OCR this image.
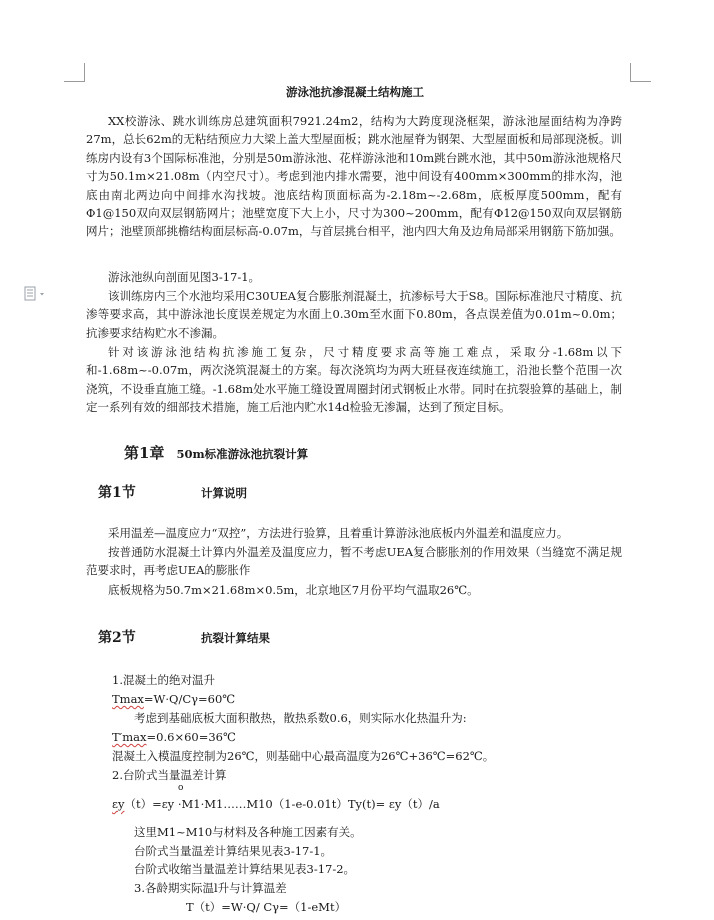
游泳池抗渗混凝土结构施工
XX校游泳、跳水训练房总建筑面积7921.24m2，结构为大跨度现浇框架，游泳池屋面结构为净跨27m，总长62m的无粘结预应力大梁上盖大型屋面板；跳水池屋脊为钢架、大型屋面板和局部现浇板。训练房内设有3个国际标准池，分别是50m游泳池、花样游泳池和10m跳台跳水池，其中50m游泳池规格尺寸为50.1m×21.08m（内空尺寸）。考虑到池内排水需要，池中间设有400mm×300mm的排水沟，池底由南北两边向中间排水沟找坡。池底结构顶面标高为-2.18m~-2.68m，底板厚度500mm，配有Φ1@150双向双层钢筋网片；池壁宽度下大上小，尺寸为300~200mm，配有Φ12@150双向双层钢筋网片；池壁顶部挑檐结构面层标高-0.07m，与首层挑台相平，池内四大角及边角局部采用钢筋下筋加强。
游泳池纵向剖面见图3-17-1。
该训练房内三个水池均采用C30UEA复合膨胀剂混凝土，抗渗标号大于S8。国际标准池尺寸精度、抗渗等要求高，其中游泳池长度误差规定为水面上0.30m至水面下0.80m，各点误差值为0.01m~0.0m；抗渗要求结构贮水不渗漏。
针对该游泳池结构抗渗施工复杂，尺寸精度要求高等施工难点，采取分-1.68m以下和-1.68m~-0.07m，两次浇筑混凝土的方案。每次浇筑均为两大班昼夜连续施工，沿池长整个范围一次浇筑，不设垂直施工缝。-1.68m处水平施工缝设置周圈封闭式钢板止水带。同时在抗裂验算的基础上，制定一系列有效的细部技术措施，施工后池内贮水14d检验无渗漏，达到了预定目标。
第1章 50m标准游泳池抗裂计算
第1节	计算说明
采用温差—温度应力“双控”，方法进行验算，且着重计算游泳池底板内外温差和温度应力。
按普通防水混凝土计算内外温差及温度应力，暂不考虑UEA复合膨胀剂的作用效果（当缝宽不满足规范要求时，再考虑UEA的膨胀作
底板规格为50.7m×21.68m×0.5m，北京地区7月份平均气温取26℃。
第2节	抗裂计算结果
1.混凝土的绝对温升
Tmax=W·Q/Cγ=60℃
考虑到基础底板大面积散热，散热系数0.6，则实际水化热温升为:
T′max=0.6×60=36℃
混凝土入模温度控制为26℃，则基础中心最高温度为26℃+36℃=62℃。
2.台阶式当量温差计算
o
εy（t）=εy ·M1·M1……M10（1-e-0.01t）Ty(t)= εy（t）/a
这里M1~M10与材料及各种施工因素有关。
台阶式当量温差计算结果见表3-17-1。
台阶式收缩当量温差计算结果见表3-17-2。
3.各龄期实际温l升与计算温差
T（t）=W·Q/ Cγ=（1-eMt）
